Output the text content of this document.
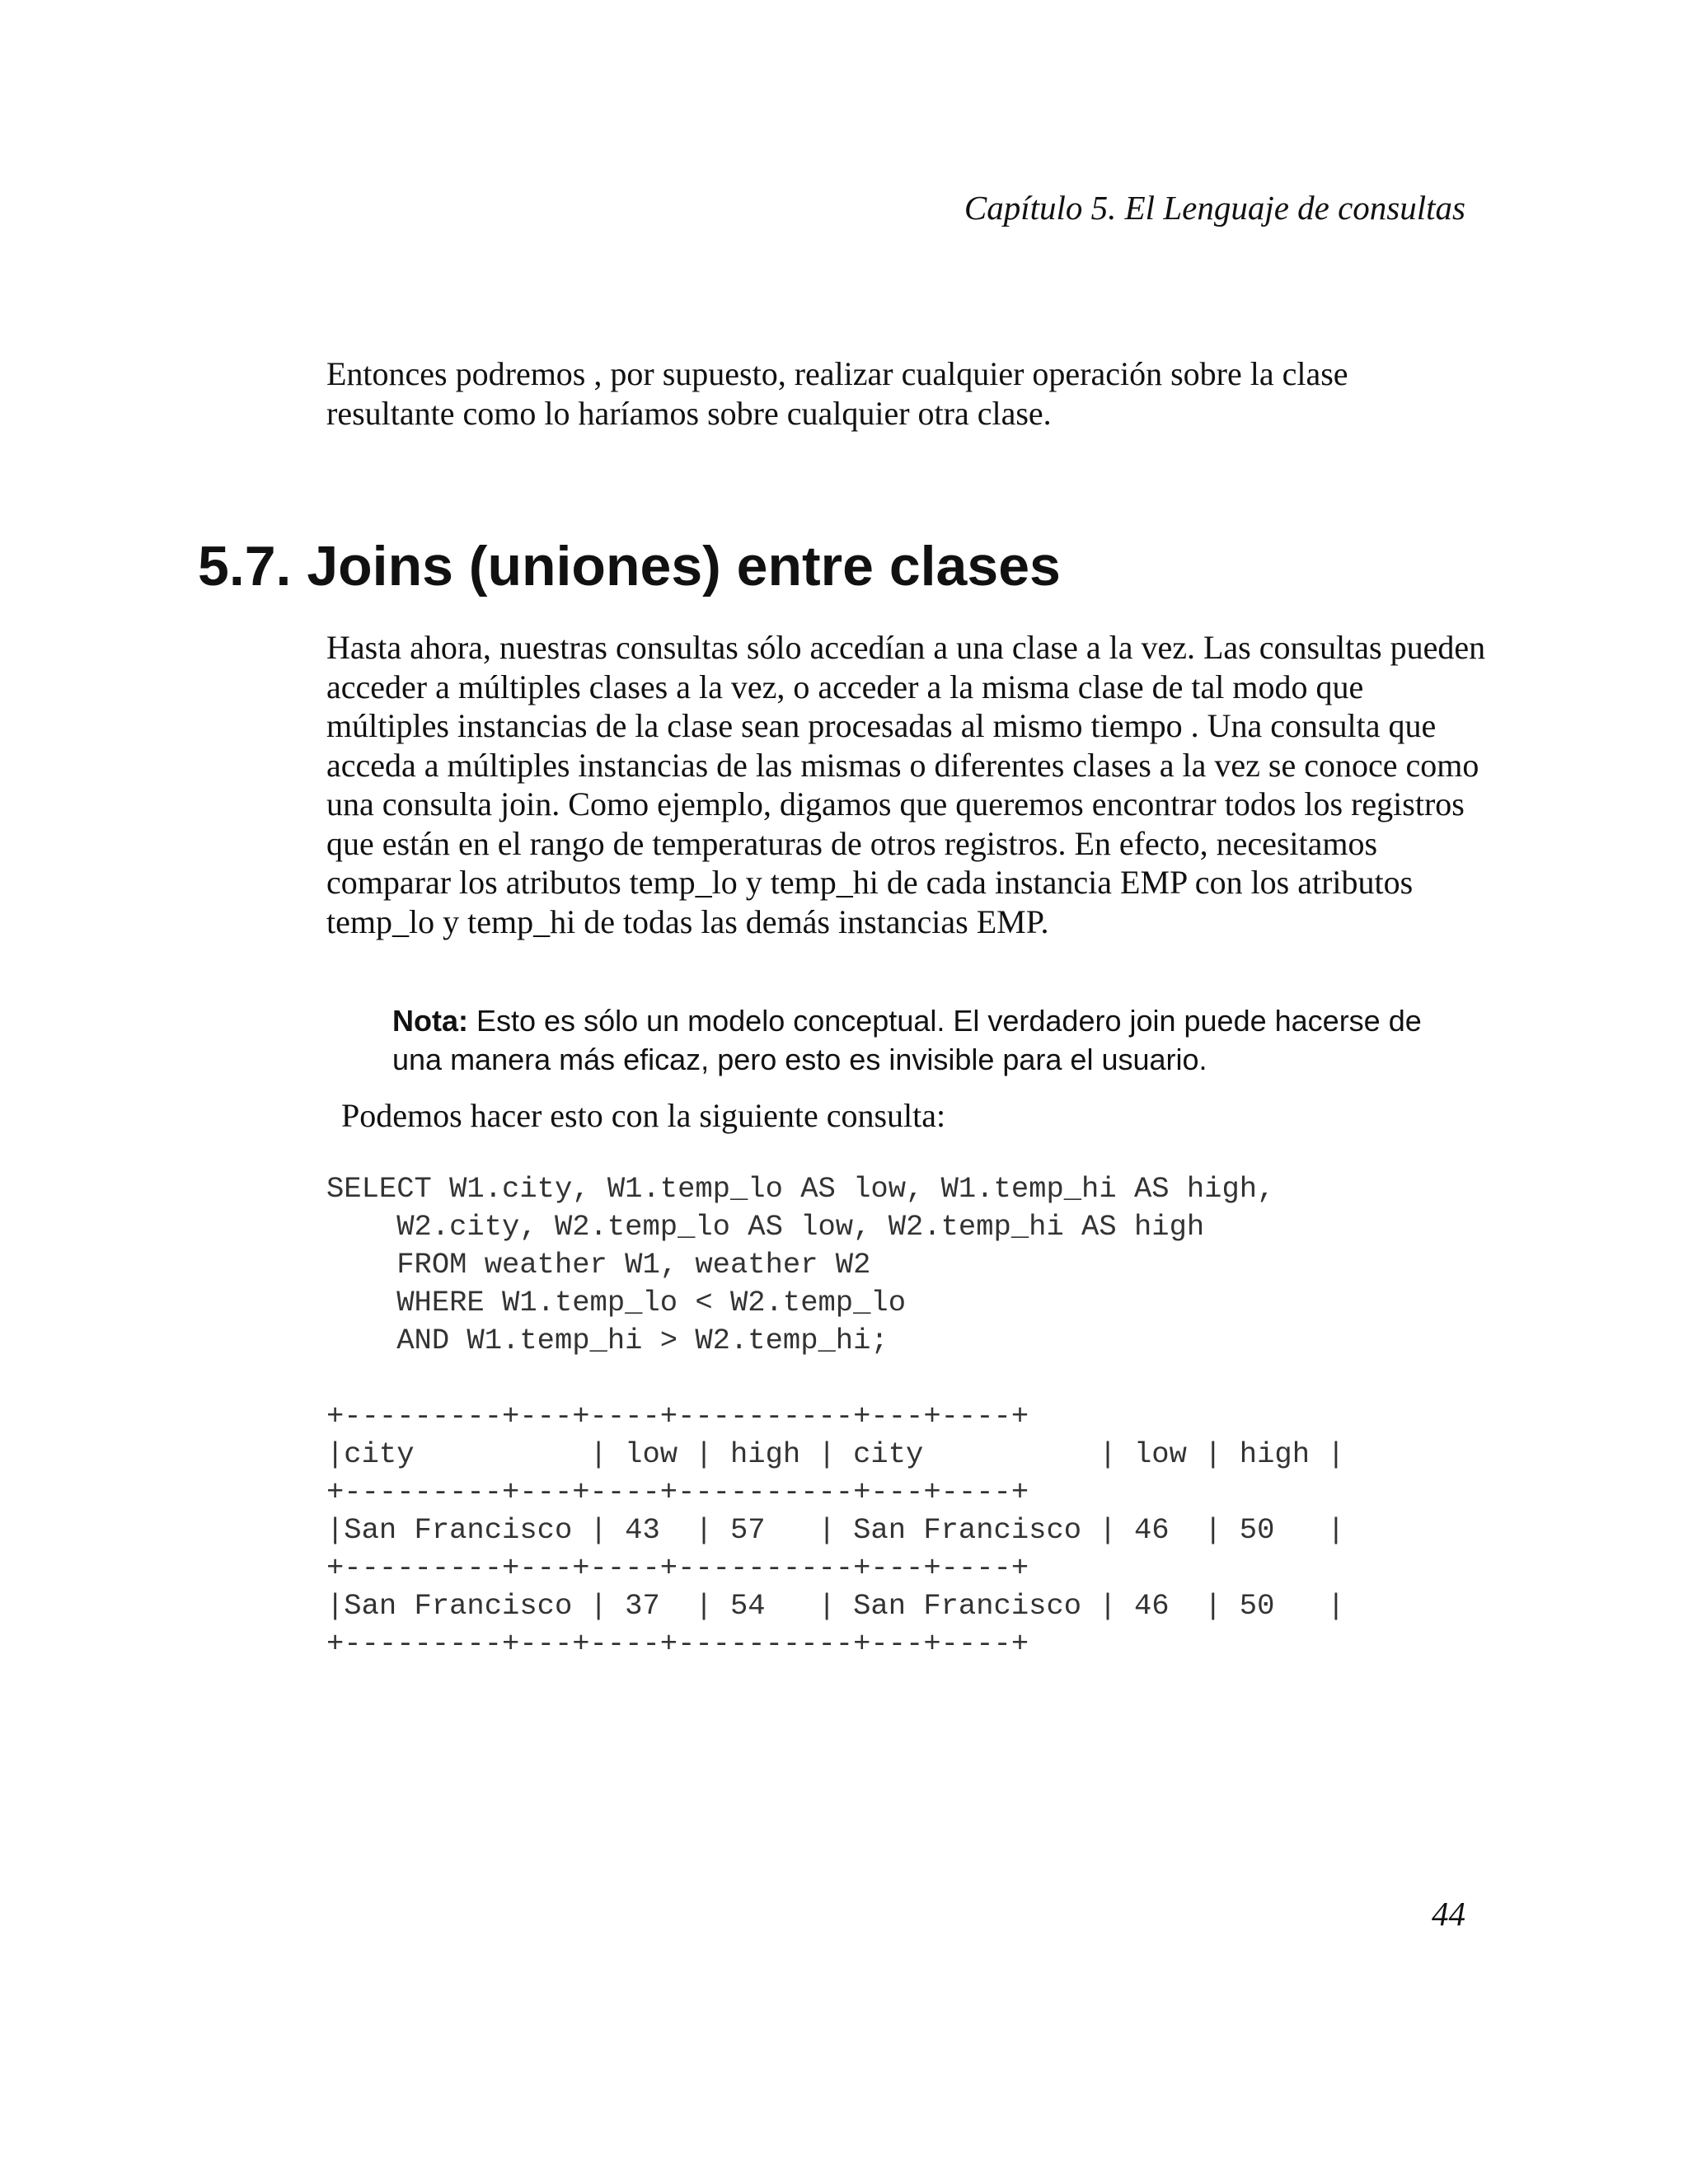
Capítulo 5. El Lenguaje de consultas

Entonces podremos , por supuesto, realizar cualquier operación sobre la clase
resultante como lo haríamos sobre cualquier otra clase.

5.7. Joins (uniones) entre clases

Hasta ahora, nuestras consultas sólo accedían a una clase a la vez. Las consultas pueden
acceder a múltiples clases a la vez, o acceder a la misma clase de tal modo que
múltiples instancias de la clase sean procesadas al mismo tiempo . Una consulta que
acceda a múltiples instancias de las mismas o diferentes clases a la vez se conoce como
una consulta join. Como ejemplo, digamos que queremos encontrar todos los registros
que están en el rango de temperaturas de otros registros. En efecto, necesitamos
comparar los atributos temp_lo y temp_hi de cada instancia EMP con los atributos
temp_lo y temp_hi de todas las demás instancias EMP.

Nota: Esto es sólo un modelo conceptual. El verdadero join puede hacerse de
una manera más eficaz, pero esto es invisible para el usuario.

Podemos hacer esto con la siguiente consulta:

SELECT W1.city, W1.temp_lo AS low, W1.temp_hi AS high,
W2.city, W2.temp_lo AS low, W2.temp_hi AS high
FROM weather W1, weather W2
WHERE W1.temp_lo < W2.temp_lo
AND W1.temp_hi > W2.temp_hi;
+---------+---+----+----------+---+----+
|city          | low | high | city          | low | high |
+---------+---+----+----------+---+----+
|San Francisco | 43  | 57   | San Francisco | 46  | 50   |
+---------+---+----+----------+---+----+
|San Francisco | 37  | 54   | San Francisco | 46  | 50   |
+---------+---+----+----------+---+----+
44
